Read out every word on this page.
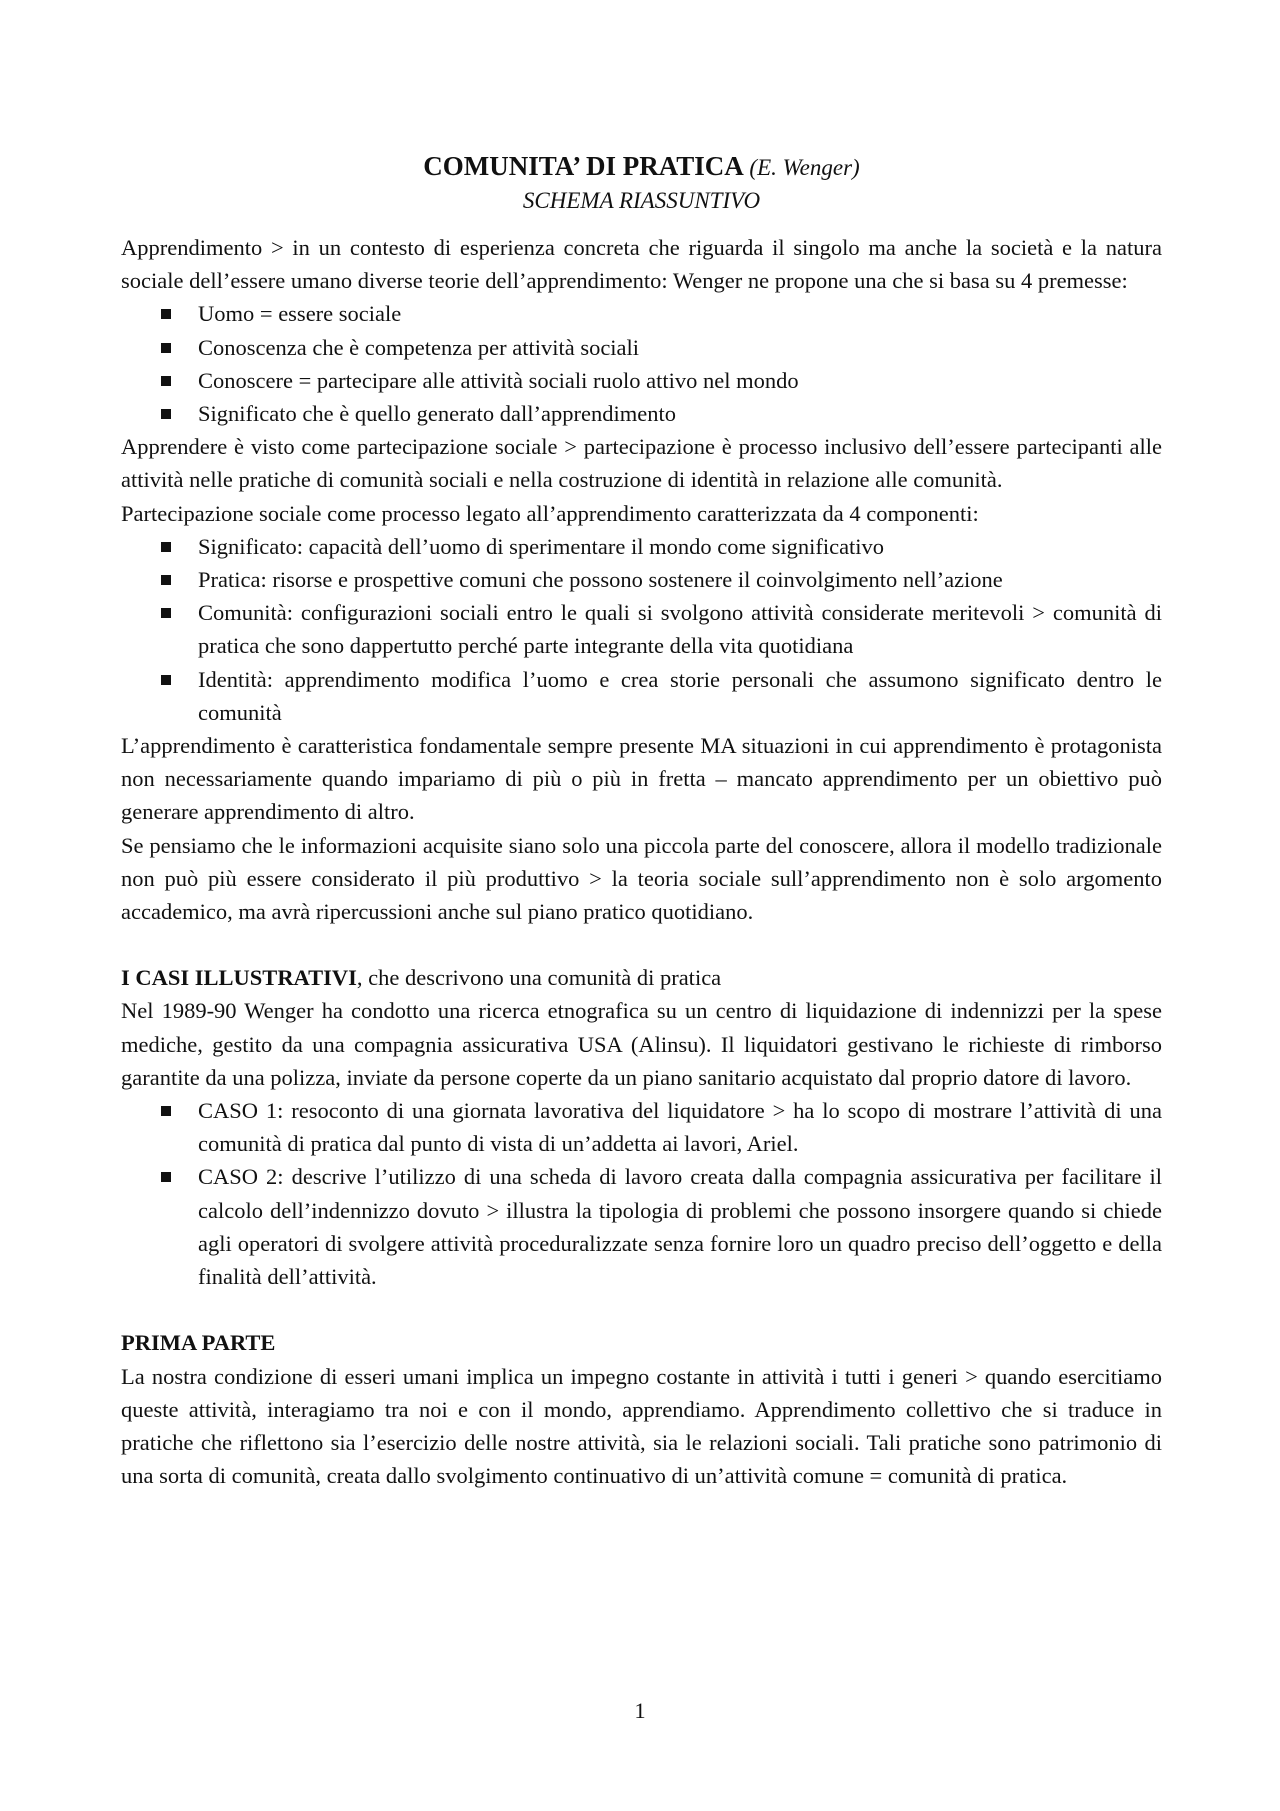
COMUNITA’ DI PRATICA (E. Wenger)
SCHEMA RIASSUNTIVO

Apprendimento > in un contesto di esperienza concreta che riguarda il singolo ma anche la società e la natura sociale dell’essere umano diverse teorie dell’apprendimento: Wenger ne propone una che si basa su 4 premesse:

Uomo = essere sociale
Conoscenza che è competenza per attività sociali
Conoscere = partecipare alle attività sociali ruolo attivo nel mondo
Significato che è quello generato dall’apprendimento

Apprendere è visto come partecipazione sociale > partecipazione è processo inclusivo dell’essere partecipanti alle attività nelle pratiche di comunità sociali e nella costruzione di identità in relazione alle comunità.

Partecipazione sociale come processo legato all’apprendimento caratterizzata da 4 componenti:

Significato: capacità dell’uomo di sperimentare il mondo come significativo
Pratica: risorse e prospettive comuni che possono sostenere il coinvolgimento nell’azione
Comunità: configurazioni sociali entro le quali si svolgono attività considerate meritevoli > comunità di pratica che sono dappertutto perché parte integrante della vita quotidiana
Identità: apprendimento modifica l’uomo e crea storie personali che assumono significato dentro le comunità

L’apprendimento è caratteristica fondamentale sempre presente MA situazioni in cui apprendimento è protagonista non necessariamente quando impariamo di più o più in fretta – mancato apprendimento per un obiettivo può generare apprendimento di altro.

Se pensiamo che le informazioni acquisite siano solo una piccola parte del conoscere, allora il modello tradizionale non può più essere considerato il più produttivo > la teoria sociale sull’apprendimento non è solo argomento accademico, ma avrà ripercussioni anche sul piano pratico quotidiano.

I CASI ILLUSTRATIVI, che descrivono una comunità di pratica

Nel 1989-90 Wenger ha condotto una ricerca etnografica su un centro di liquidazione di indennizzi per la spese mediche, gestito da una compagnia assicurativa USA (Alinsu). Il liquidatori gestivano le richieste di rimborso garantite da una polizza, inviate da persone coperte da un piano sanitario acquistato dal proprio datore di lavoro.

CASO 1: resoconto di una giornata lavorativa del liquidatore > ha lo scopo di mostrare l’attività di una comunità di pratica dal punto di vista di un’addetta ai lavori, Ariel.
CASO 2: descrive l’utilizzo di una scheda di lavoro creata dalla compagnia assicurativa per facilitare il calcolo dell’indennizzo dovuto > illustra la tipologia di problemi che possono insorgere quando si chiede agli operatori di svolgere attività proceduralizzate senza fornire loro un quadro preciso dell’oggetto e della finalità dell’attività.

PRIMA PARTE

La nostra condizione di esseri umani implica un impegno costante in attività i tutti i generi > quando esercitiamo queste attività, interagiamo tra noi e con il mondo, apprendiamo. Apprendimento collettivo che si traduce in pratiche che riflettono sia l’esercizio delle nostre attività, sia le relazioni sociali. Tali pratiche sono patrimonio di una sorta di comunità, creata dallo svolgimento continuativo di un’attività comune = comunità di pratica.

1
